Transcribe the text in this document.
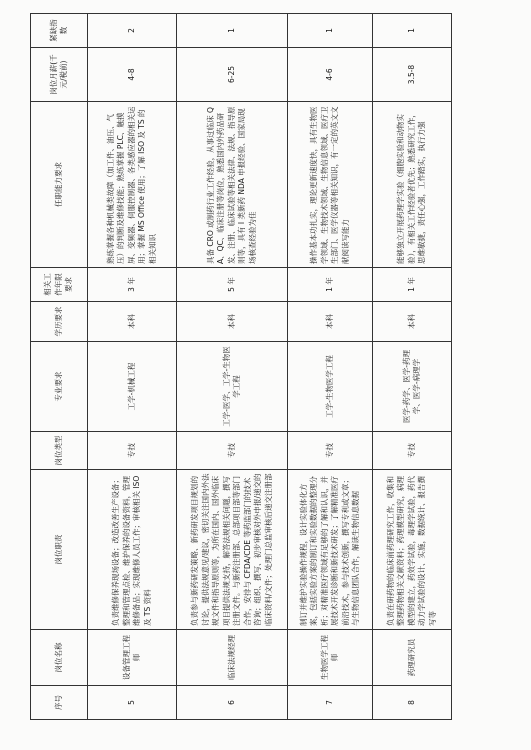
序号	岗位名称	岗位职责	岗位类型	专业要求	学历要求	相关工作年限要求	任职能力要求	岗位月薪(千元/税前)	紧缺指数
5	设备管理工程师	负责维修保养现场设备；改造改善生产设备；整理和管理点检、维护保养的设备资料，管理维修备品；实现维修人员工作；审核相关 ISO 及 TS 资料	专技	工学-机械工程	本科	3 年	熟练掌握各种机械类故障（加工件、油压、气压）的判断及维修技能；熟练掌握 PLC、触摸屏、变频器、伺服控制器、各类感应器的相关运用；掌握 MS Office 使用；了解 ISO 及 TS 的相关知识	4-8	2
6	临床法规经理	负责参与新药研发策略、新药研发项目规划的讨论，提供法规意见/建议，密切关注国内外法规文件和指导原则等，为所在国内、国外临床项目提供法规支持，解答法规相关问题，撰写注册文件。与新药注册部、总部项目部等部门合作，安排与 CFDA/CDE 等药监部门的技术咨询；组织、撰写、初步审核对外申报/递交的临床资料/文件；处理门总监审核后递交注册部	专技	工学-医学、工学-生物医学工程	本科	5 年	具备 CRO 或制药行业工作经验，从事过临床 QA、QC、临床注册等岗位，熟悉国内外药品研发、注册、临床试验等相关法律、法规、指导原则等，具有 I 类新药 NDA 申报经验、国家局现场核查经验为佳	6-25	1
7	生物医学工程师	制订并维护实验操作规程，设计实验体化方案，包括实验方案的制订和实验数据的整理分析；对精准医疗领域有足够的了解和认识，并展技术开发诊断和新技术研发；了解精准医疗前沿技术，参与技术创新，撰写专利或文章；与生物信息团队合作，解读生物信息数据	专技	工学-生物医学工程	本科	1 年	操作基本功扎实，理论更新速度快，具有生物医学领域、生物技术领域、生物信息领域、医疗卫生部门、医学仪器等相关知识，有一定的英文文献阅读写能力	4-6	1
8	药理研究员	负责在研药物的临床前药理研究工作，收集和整理药物相关文献资料；药理模型研究，病理模型的建立，药效学试验，毒理学试验，药代动力学试验的设计、实施，数据统计、报告撰写等	专技	医学-药学、医学-药理学、医学-病理学	本科	1 年	能够独立开展药理学实验（细胞实验和动物实验），有相关工作经验者优先；熟悉研究工作，思维敏捷，责任心强，工作踏实，执行力强	3.5-8	1
